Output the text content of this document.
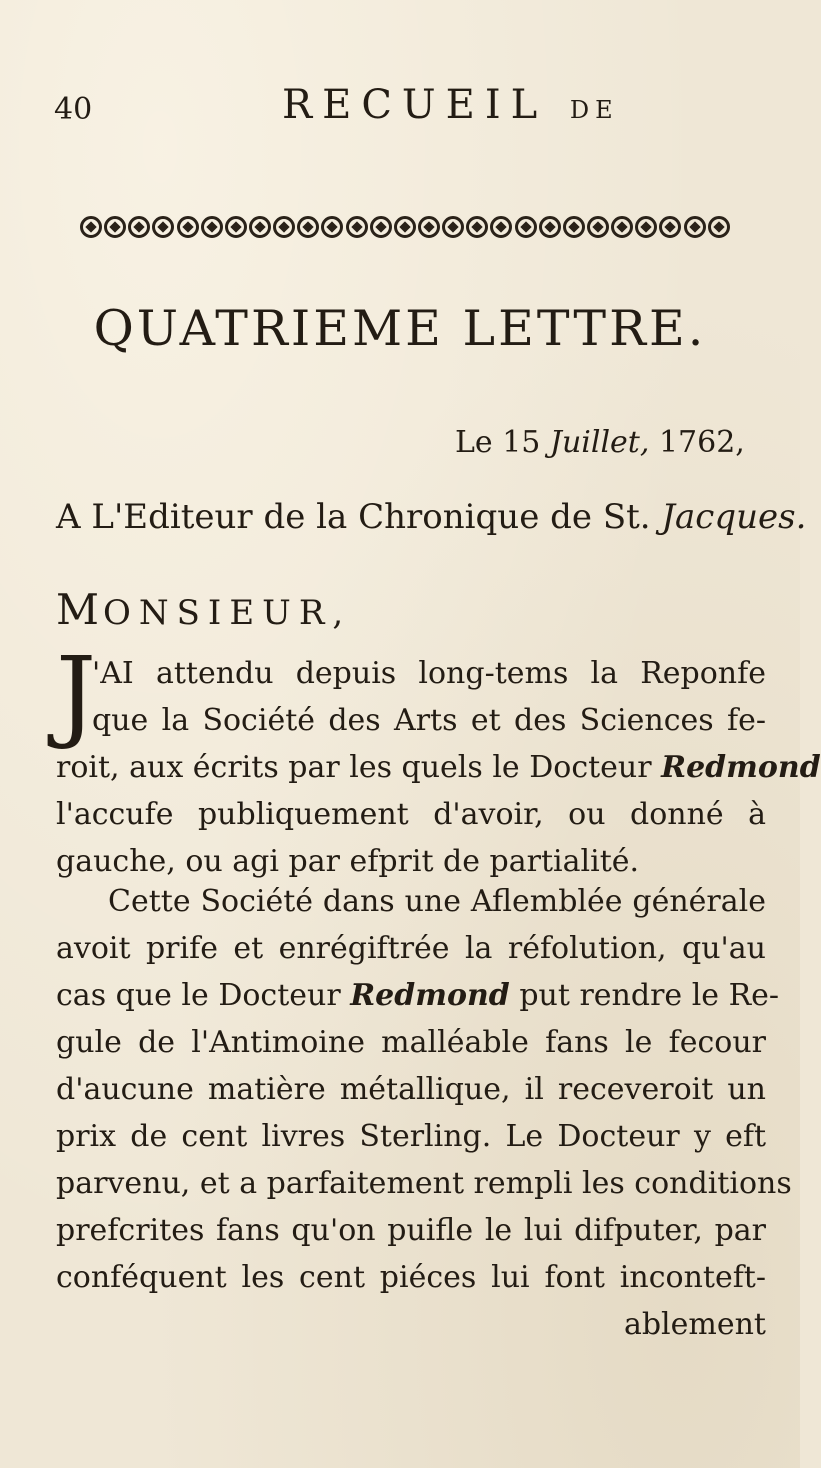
40	RECUEIL DE
QUATRIEME LETTRE.
Le 15 Juillet, 1762,
A L'Editeur de la Chronique de St. Jacques.
MONSIEUR,
J
'AI attendu depuis long-tems la Reponfe
que la Société des Arts et des Sciences fe-
roit, aux écrits par les quels le Docteur Redmond
l'accufe publiquement d'avoir, ou donné à
gauche, ou agi par efprit de partialité.
Cette Société dans une Aflemblée générale
avoit prife et enrégiftrée la réfolution, qu'au
cas que le Docteur Redmond put rendre le Re-
gule de l'Antimoine malléable fans le fecour
d'aucune matière métallique, il receveroit un
prix de cent livres Sterling. Le Docteur y eft
parvenu, et a parfaitement rempli les conditions
prefcrites fans qu'on puifle le lui difputer, par
conféquent les cent piéces lui font inconteft-
ablement
